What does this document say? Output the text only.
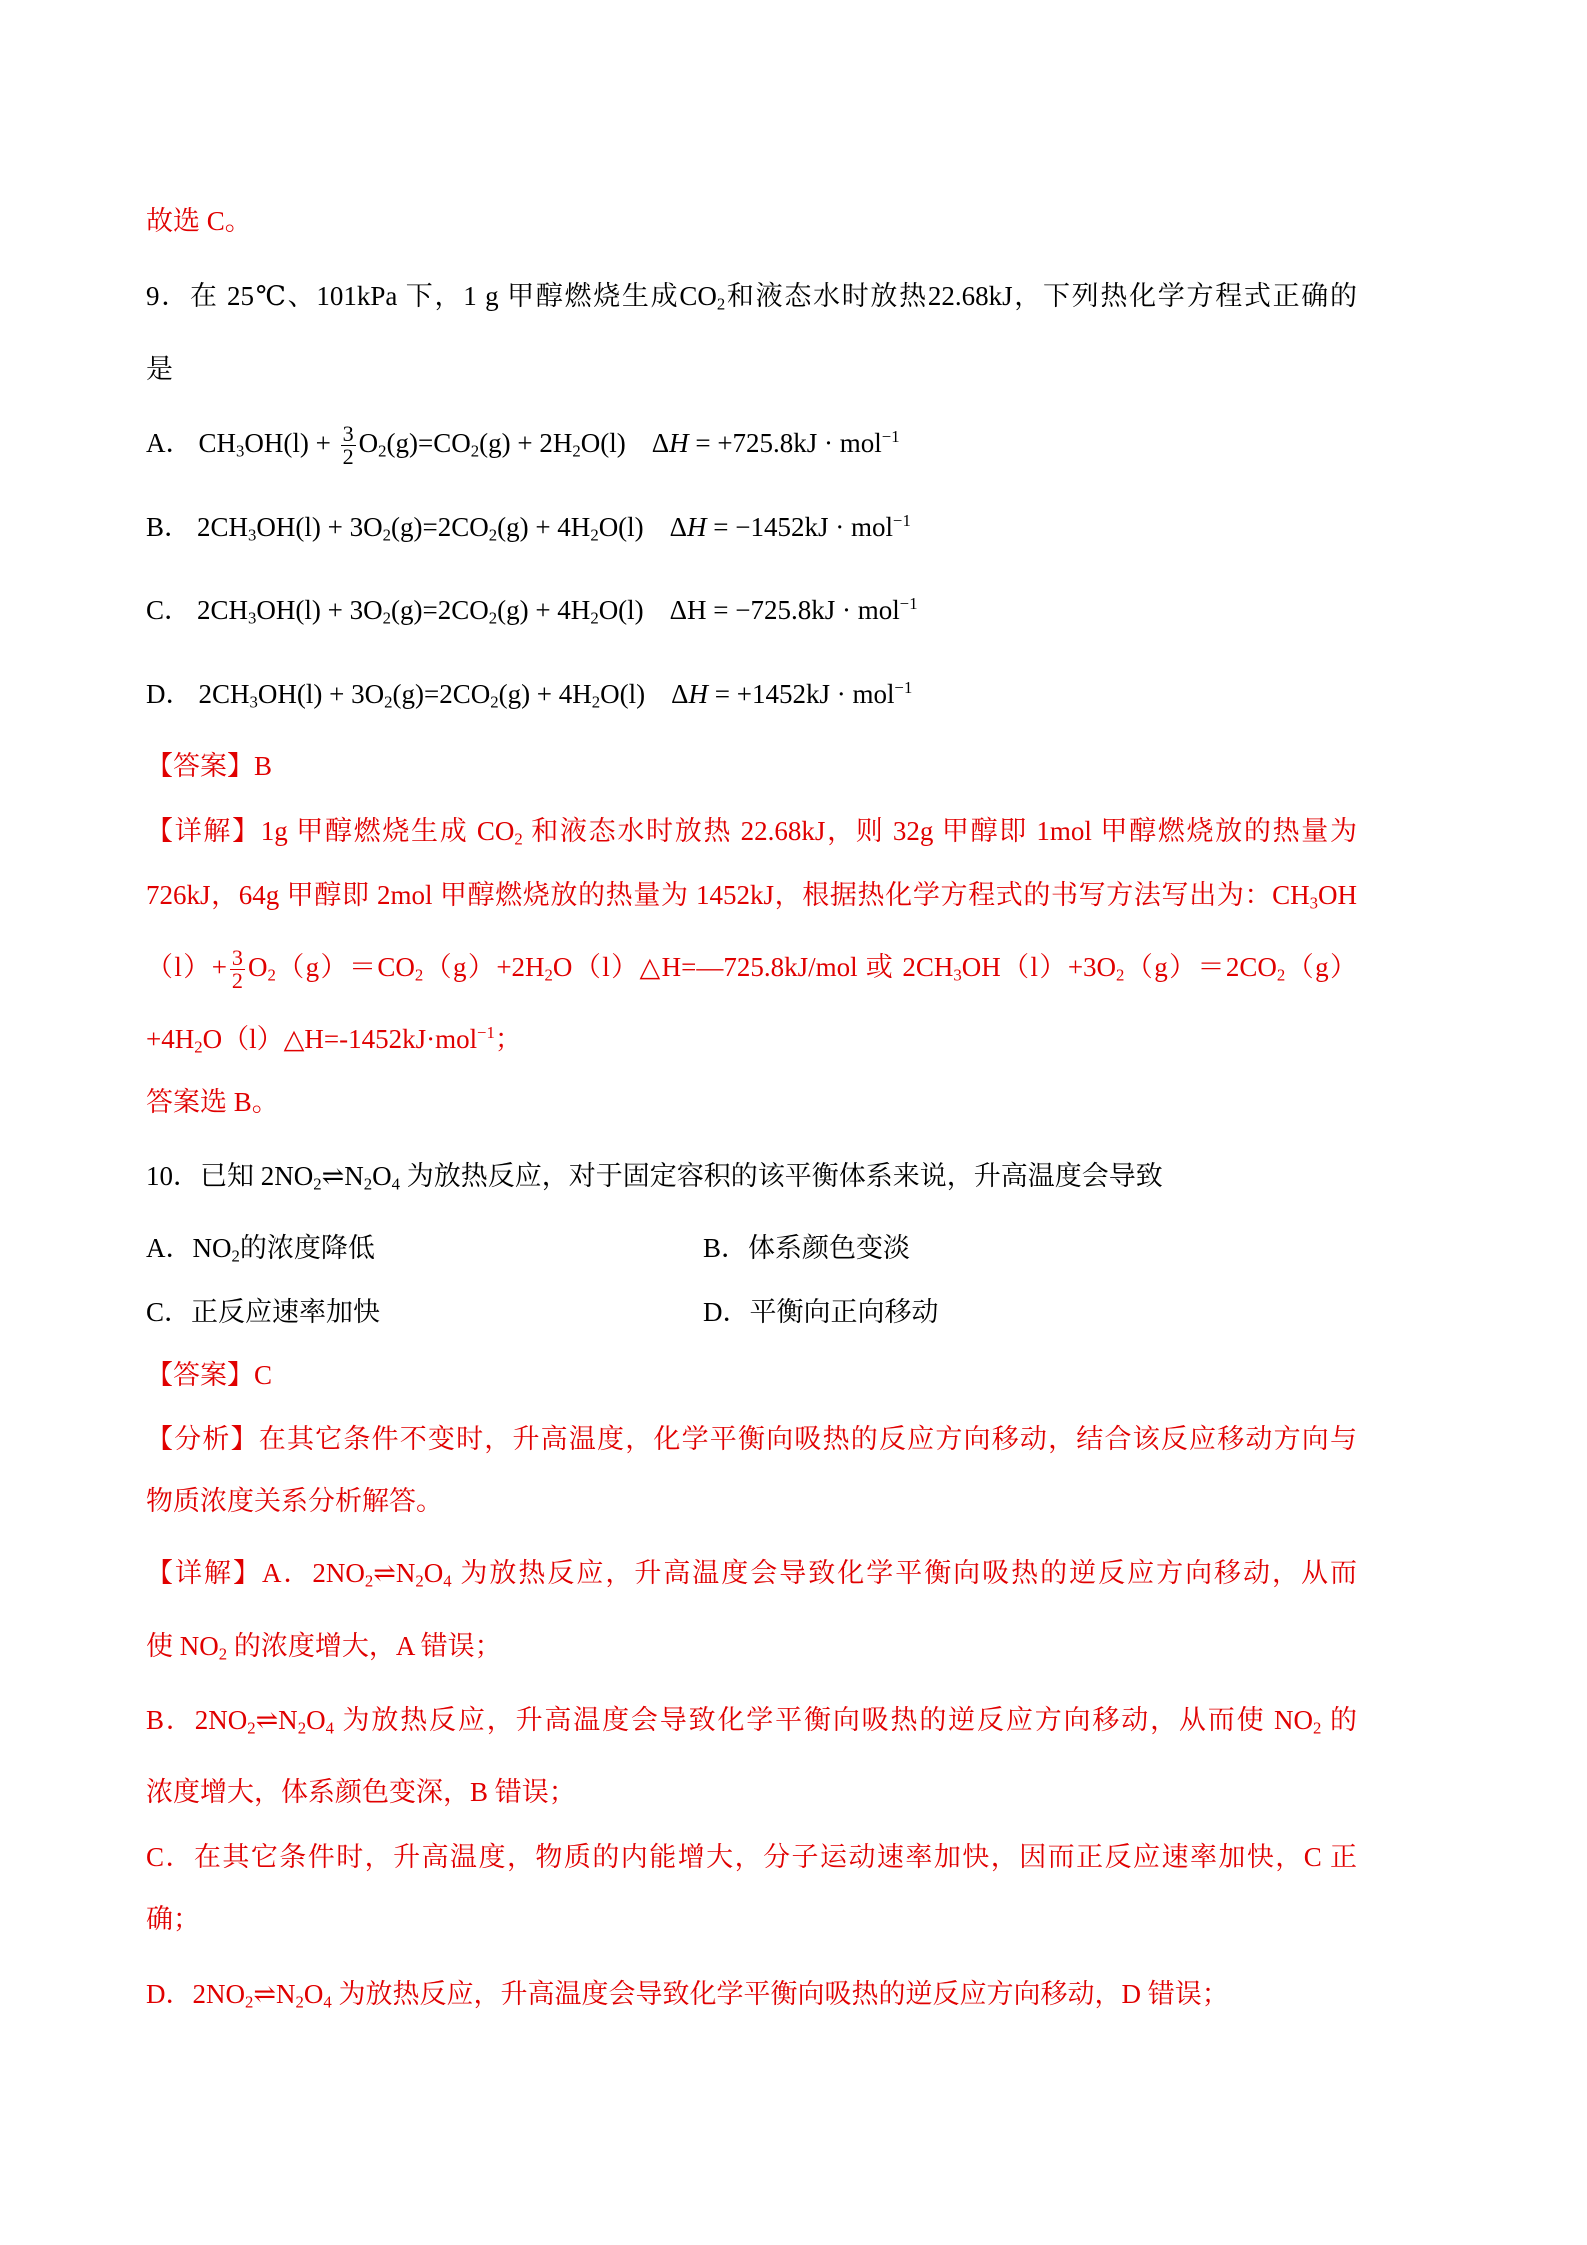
故选 C。
9．在 25℃、101kPa 下，1 g 甲醇燃烧生成$CO_2$和液态水时放热22.68kJ，下列热化学方程式正确的
是
A． $CH_3OH(l) + \frac{3}{2} O_2(g)=CO_2(g) + 2H_2O(l) \Delta H = +725.8kJ \cdot mol^{-1}$
B． $2CH_3OH(l) + 3O_2(g)=2CO_2(g) + 4H_2O(l) \Delta H = -1452kJ \cdot mol^{-1}$
C． $2CH_3OH(l) + 3O_2(g)=2CO_2(g) + 4H_2O(l) \Delta H = -725.8kJ \cdot mol^{-1}$
D． $2CH_3OH(l) + 3O_2(g)=2CO_2(g) + 4H_2O(l) \Delta H = +1452kJ \cdot mol^{-1}$
【答案】B
【详解】1g 甲醇燃烧生成 $CO_2$ 和液态水时放热 22.68kJ，则 32g 甲醇即 1mol 甲醇燃烧放的热量为
726kJ，64g 甲醇即 2mol 甲醇燃烧放的热量为 1452kJ，根据热化学方程式的书写方法写出为：$CH_3OH$
$(l)+ \frac{3}{2}$ $O_2(g)=CO_2(g)+2H_2O(l)\triangle H=—725.8kJ$/mol 或 $2CH_3OH(l)+3O_2(g)=2CO_2(g)$
$+4H_2O(l)\triangle H=-1452kJ\cdot mol^{-1}$；
答案选 B。
10．已知 $2NO_2\rightleftharpoons N_2O_4$ 为放热反应，对于固定容积的该平衡体系来说，升高温度会导致
A．$NO_2$的浓度降低	B．体系颜色变淡
C．正反应速率加快	D．平衡向正向移动
【答案】C
【分析】在其它条件不变时，升高温度，化学平衡向吸热的反应方向移动，结合该反应移动方向与
物质浓度关系分析解答。
【详解】A．$2NO_2\rightleftharpoons N_2O_4$ 为放热反应，升高温度会导致化学平衡向吸热的逆反应方向移动，从而
使 $NO_2$ 的浓度增大，A 错误；
B．$2NO_2\rightleftharpoons N_2O_4$ 为放热反应，升高温度会导致化学平衡向吸热的逆反应方向移动，从而使 $NO_2$ 的
浓度增大，体系颜色变深，B 错误；
C．在其它条件时，升高温度，物质的内能增大，分子运动速率加快，因而正反应速率加快，C 正
确；
D．$2NO_2\rightleftharpoons N_2O_4$ 为放热反应，升高温度会导致化学平衡向吸热的逆反应方向移动，D 错误；
